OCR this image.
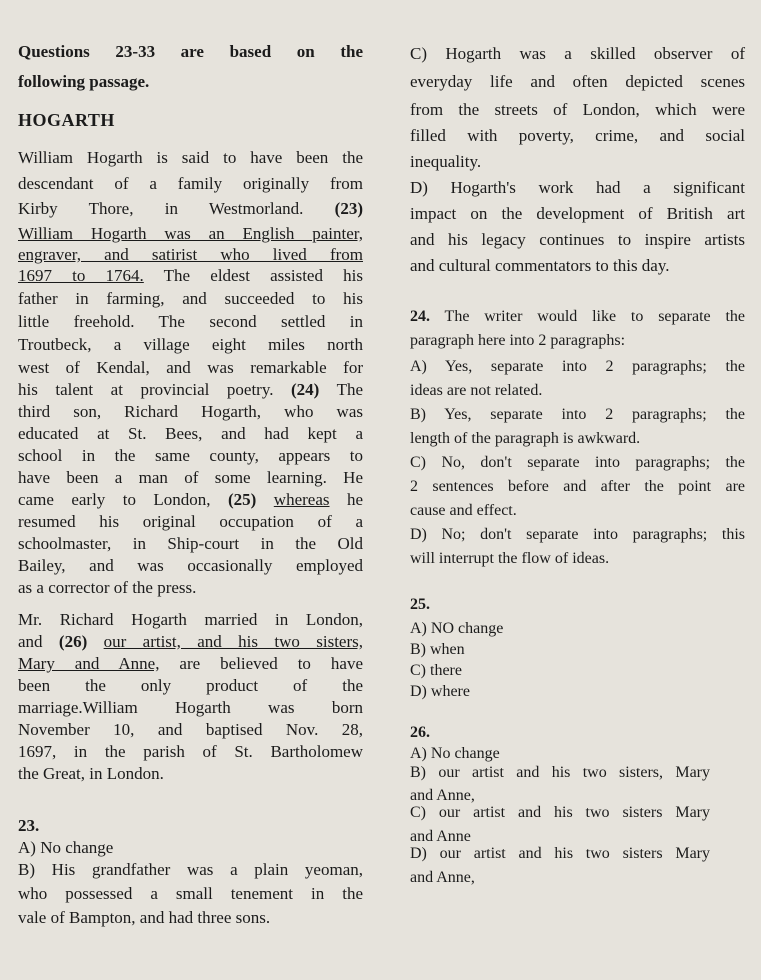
Questions 23-33 are based on the
following passage.
HOGARTH
William Hogarth is said to have been the
descendant of a family originally from
Kirby Thore, in Westmorland. (23)
William Hogarth was an English painter,
engraver, and satirist who lived from
1697 to 1764. The eldest assisted his
father in farming, and succeeded to his
little freehold. The second settled in
Troutbeck, a village eight miles north
west of Kendal, and was remarkable for
his talent at provincial poetry. (24) The
third son, Richard Hogarth, who was
educated at St. Bees, and had kept a
school in the same county, appears to
have been a man of some learning. He
came early to London, (25) whereas he
resumed his original occupation of a
schoolmaster, in Ship-court in the Old
Bailey, and was occasionally employed
as a corrector of the press.
Mr. Richard Hogarth married in London,
and (26) our artist, and his two sisters,
Mary and Anne, are believed to have
been the only product of the
marriage.William Hogarth was born
November 10, and baptised Nov. 28,
1697, in the parish of St. Bartholomew
the Great, in London.
23.
A) No change
B) His grandfather was a plain yeoman,
who possessed a small tenement in the
vale of Bampton, and had three sons.
C) Hogarth was a skilled observer of
everyday life and often depicted scenes
from the streets of London, which were
filled with poverty, crime, and social
inequality.
D) Hogarth's work had a significant
impact on the development of British art
and his legacy continues to inspire artists
and cultural commentators to this day.
24. The writer would like to separate the
paragraph here into 2 paragraphs:
A) Yes, separate into 2 paragraphs; the
ideas are not related.
B) Yes, separate into 2 paragraphs; the
length of the paragraph is awkward.
C) No, don't separate into paragraphs; the
2 sentences before and after the point are
cause and effect.
D) No; don't separate into paragraphs; this
will interrupt the flow of ideas.
25.
A) NO change
B) when
C) there
D) where
26.
A) No change
B) our artist and his two sisters, Mary
and Anne,
C) our artist and his two sisters Mary
and Anne
D) our artist and his two sisters Mary
and Anne,
